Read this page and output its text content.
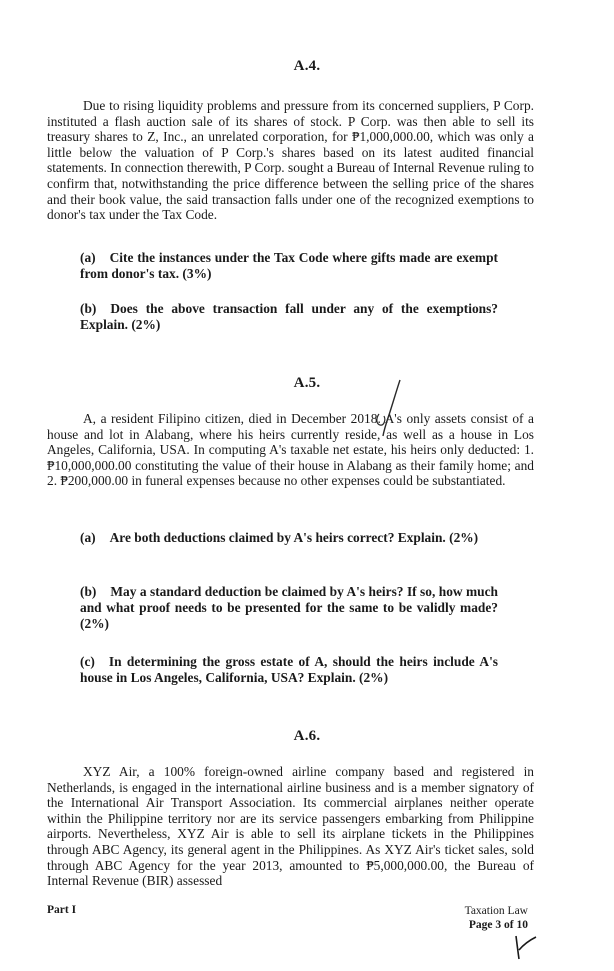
A.4.

Due to rising liquidity problems and pressure from its concerned suppliers, P Corp. instituted a flash auction sale of its shares of stock. P Corp. was then able to sell its treasury shares to Z, Inc., an unrelated corporation, for ₱1,000,000.00, which was only a little below the valuation of P Corp.'s shares based on its latest audited financial statements. In connection therewith, P Corp. sought a Bureau of Internal Revenue ruling to confirm that, notwithstanding the price difference between the selling price of the shares and their book value, the said transaction falls under one of the recognized exemptions to donor's tax under the Tax Code.

(a) Cite the instances under the Tax Code where gifts made are exempt from donor's tax. (3%)

(b) Does the above transaction fall under any of the exemptions? Explain. (2%)

A.5.

A, a resident Filipino citizen, died in December 2018. A's only assets consist of a house and lot in Alabang, where his heirs currently reside, as well as a house in Los Angeles, California, USA. In computing A's taxable net estate, his heirs only deducted: 1. ₱10,000,000.00 constituting the value of their house in Alabang as their family home; and 2. ₱200,000.00 in funeral expenses because no other expenses could be substantiated.

(a) Are both deductions claimed by A's heirs correct? Explain. (2%)

(b) May a standard deduction be claimed by A's heirs? If so, how much and what proof needs to be presented for the same to be validly made? (2%)

(c) In determining the gross estate of A, should the heirs include A's house in Los Angeles, California, USA? Explain. (2%)

A.6.

XYZ Air, a 100% foreign-owned airline company based and registered in Netherlands, is engaged in the international airline business and is a member signatory of the International Air Transport Association. Its commercial airplanes neither operate within the Philippine territory nor are its service passengers embarking from Philippine airports. Nevertheless, XYZ Air is able to sell its airplane tickets in the Philippines through ABC Agency, its general agent in the Philippines. As XYZ Air's ticket sales, sold through ABC Agency for the year 2013, amounted to ₱5,000,000.00, the Bureau of Internal Revenue (BIR) assessed

Part I	Taxation Law
Page 3 of 10
